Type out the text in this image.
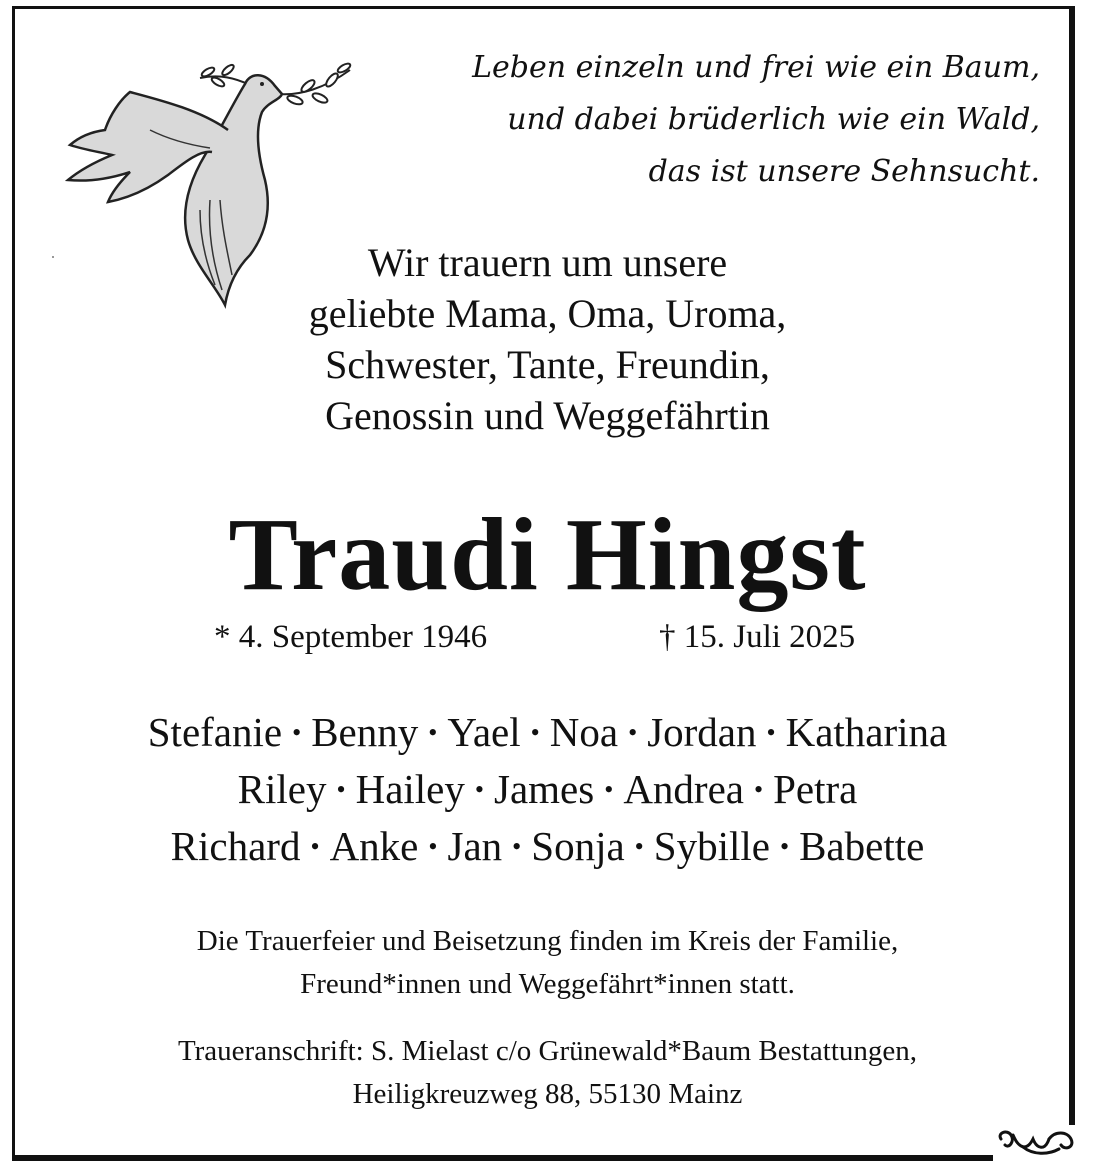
Leben einzeln und frei wie ein Baum,
und dabei brüderlich wie ein Wald,
das ist unsere Sehnsucht.
Wir trauern um unsere
geliebte Mama, Oma, Uroma,
Schwester, Tante, Freundin,
Genossin und Weggefährtin
Traudi Hingst
* 4. September 1946	† 15. Juli 2025
Stefanie • Benny • Yael • Noa • Jordan • Katharina
Riley • Hailey • James • Andrea • Petra
Richard • Anke • Jan • Sonja • Sybille • Babette
Die Trauerfeier und Beisetzung finden im Kreis der Familie,
Freund*innen und Weggefährt*innen statt.
Traueranschrift: S. Mielast c/o Grünewald*Baum Bestattungen,
Heiligkreuzweg 88, 55130 Mainz
